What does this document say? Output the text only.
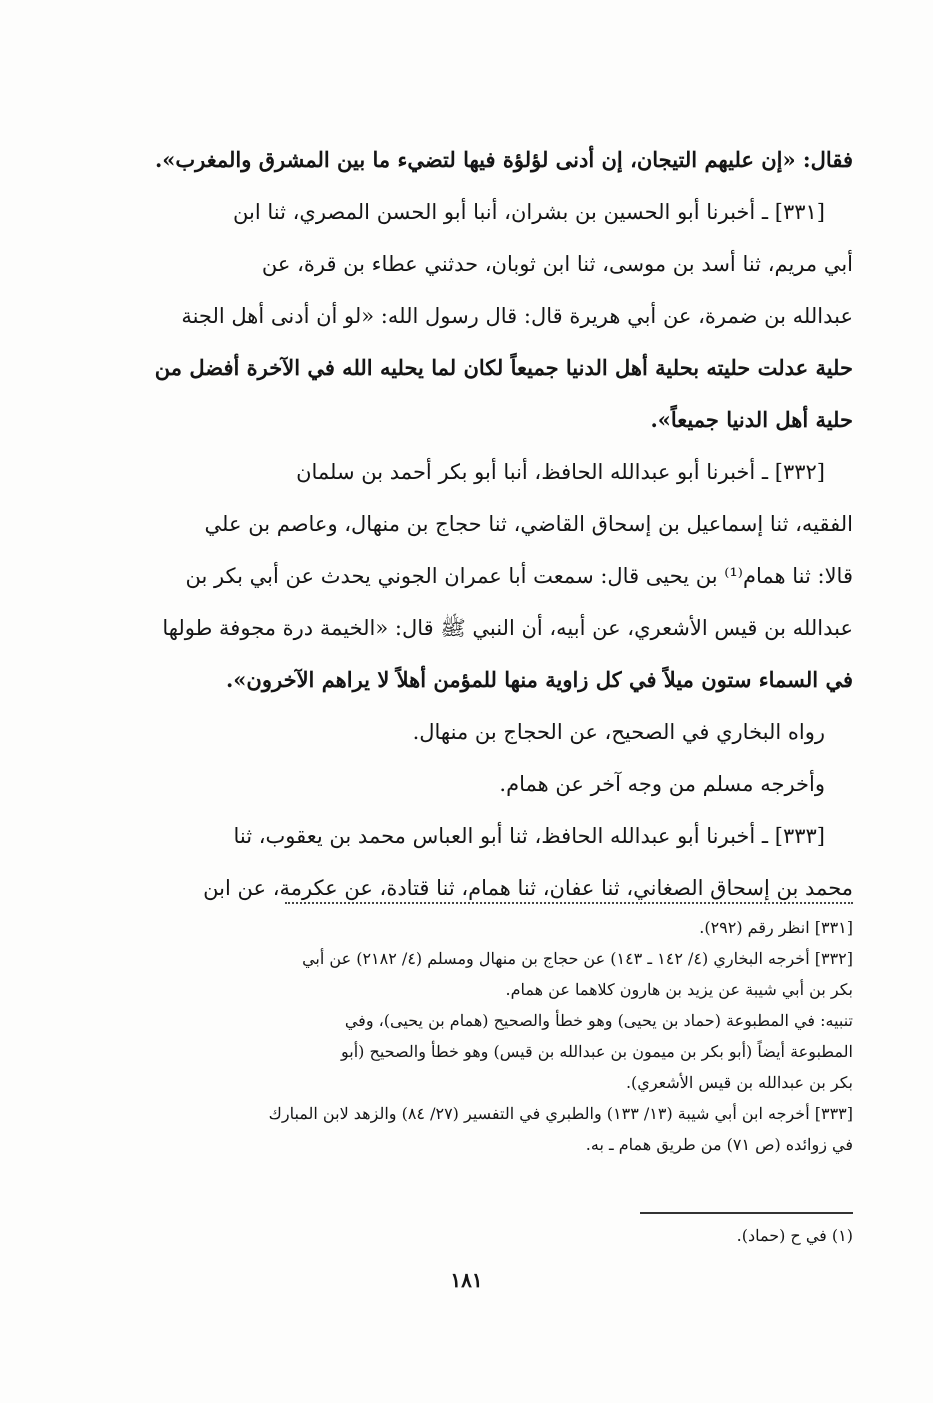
فقال: «إن عليهم التيجان، إن أدنى لؤلؤة فيها لتضيء ما بين المشرق والمغرب».
[٣٣١] ـ أخبرنا أبو الحسين بن بشران، أنبا أبو الحسن المصري، ثنا ابن
أبي مريم، ثنا أسد بن موسى، ثنا ابن ثوبان، حدثني عطاء بن قرة، عن
عبدالله بن ضمرة، عن أبي هريرة قال: قال رسول الله: «لو أن أدنى أهل الجنة
حلية عدلت حليته بحلية أهل الدنيا جميعاً لكان لما يحليه الله في الآخرة أفضل من
حلية أهل الدنيا جميعاً».
[٣٣٢] ـ أخبرنا أبو عبدالله الحافظ، أنبا أبو بكر أحمد بن سلمان
الفقيه، ثنا إسماعيل بن إسحاق القاضي، ثنا حجاج بن منهال، وعاصم بن علي
قالا: ثنا همام⁽¹⁾ بن يحيى قال: سمعت أبا عمران الجوني يحدث عن أبي بكر بن
عبدالله بن قيس الأشعري، عن أبيه، أن النبي ﷺ قال: «الخيمة درة مجوفة طولها
في السماء ستون ميلاً في كل زاوية منها للمؤمن أهلاً لا يراهم الآخرون».
رواه البخاري في الصحيح، عن الحجاج بن منهال.
وأخرجه مسلم من وجه آخر عن همام.
[٣٣٣] ـ أخبرنا أبو عبدالله الحافظ، ثنا أبو العباس محمد بن يعقوب، ثنا
محمد بن إسحاق الصغاني، ثنا عفان، ثنا همام، ثنا قتادة، عن عكرمة، عن ابن
[٣٣١] انظر رقم (٢٩٢).
[٣٣٢] أخرجه البخاري (٤/ ١٤٢ ـ ١٤٣) عن حجاج بن منهال ومسلم (٤/ ٢١٨٢) عن أبي
بكر بن أبي شيبة عن يزيد بن هارون كلاهما عن همام.
تنبيه: في المطبوعة (حماد بن يحيى) وهو خطأ والصحيح (همام بن يحيى)، وفي
المطبوعة أيضاً (أبو بكر بن ميمون بن عبدالله بن قيس) وهو خطأ والصحيح (أبو
بكر بن عبدالله بن قيس الأشعري).
[٣٣٣] أخرجه ابن أبي شيبة (١٣/ ١٣٣) والطبري في التفسير (٢٧/ ٨٤) والزهد لابن المبارك
في زوائده (ص ٧١) من طريق همام ـ به.
(١) في ح (حماد).
١٨١
